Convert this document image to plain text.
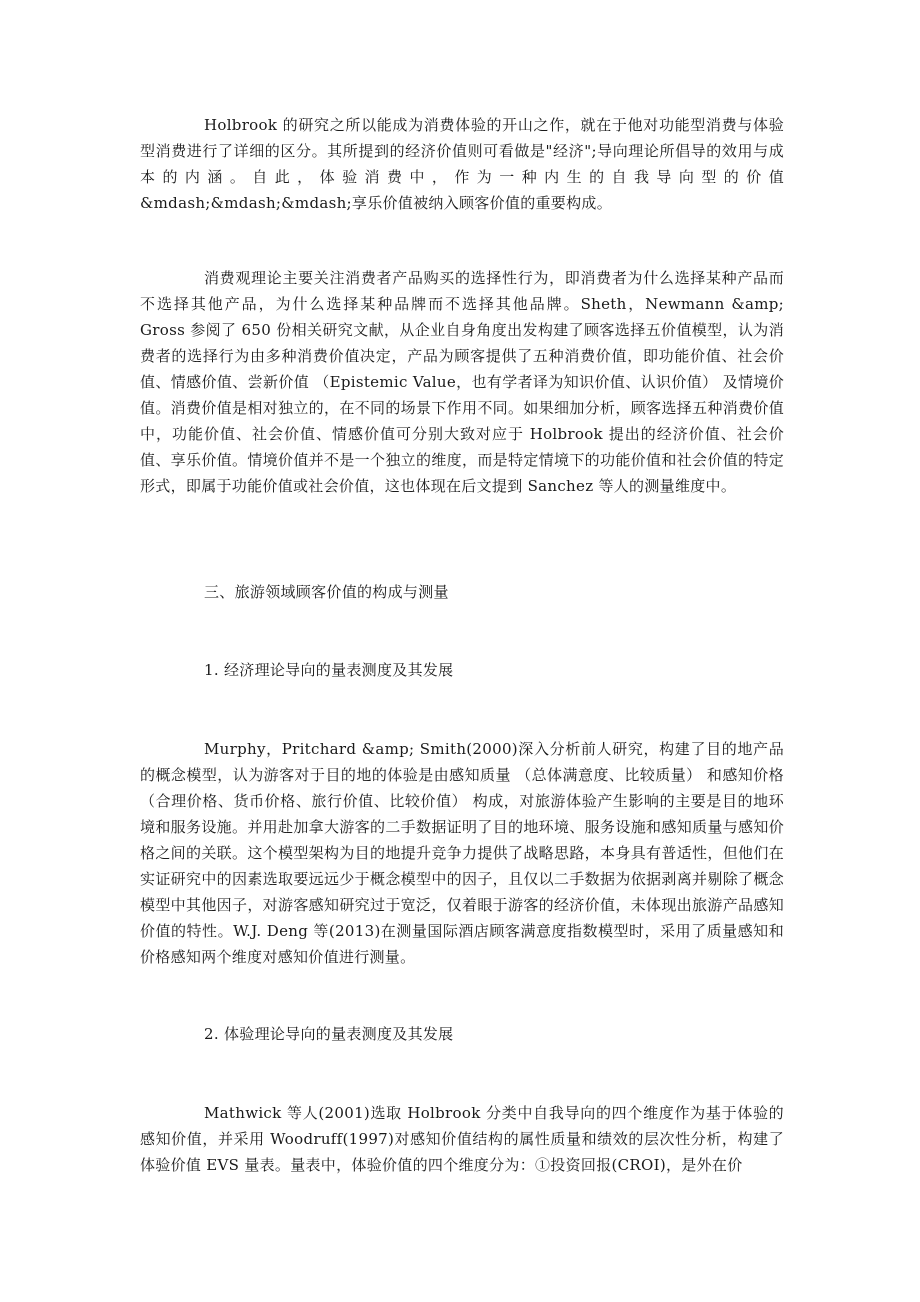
Holbrook 的研究之所以能成为消费体验的开山之作，就在于他对功能型消费与体验型消费进行了详细的区分。其所提到的经济价值则可看做是"经济";导向理论所倡导的效用与成本的内涵。自此，体验消费中，作为一种内生的自我导向型的价值&mdash;&mdash;&mdash;享乐价值被纳入顾客价值的重要构成。

消费观理论主要关注消费者产品购买的选择性行为，即消费者为什么选择某种产品而不选择其他产品，为什么选择某种品牌而不选择其他品牌。Sheth，Newmann &amp; Gross 参阅了 650 份相关研究文献，从企业自身角度出发构建了顾客选择五价值模型，认为消费者的选择行为由多种消费价值决定，产品为顾客提供了五种消费价值，即功能价值、社会价值、情感价值、尝新价值 （Epistemic Value，也有学者译为知识价值、认识价值） 及情境价值。消费价值是相对独立的，在不同的场景下作用不同。如果细加分析，顾客选择五种消费价值中，功能价值、社会价值、情感价值可分别大致对应于 Holbrook 提出的经济价值、社会价值、享乐价值。情境价值并不是一个独立的维度，而是特定情境下的功能价值和社会价值的特定形式，即属于功能价值或社会价值，这也体现在后文提到 Sanchez 等人的测量维度中。

三、旅游领域顾客价值的构成与测量

1. 经济理论导向的量表测度及其发展

Murphy，Pritchard &amp; Smith(2000)深入分析前人研究，构建了目的地产品的概念模型，认为游客对于目的地的体验是由感知质量 （总体满意度、比较质量） 和感知价格（合理价格、货币价格、旅行价值、比较价值） 构成，对旅游体验产生影响的主要是目的地环境和服务设施。并用赴加拿大游客的二手数据证明了目的地环境、服务设施和感知质量与感知价格之间的关联。这个模型架构为目的地提升竞争力提供了战略思路，本身具有普适性，但他们在实证研究中的因素选取要远远少于概念模型中的因子，且仅以二手数据为依据剥离并剔除了概念模型中其他因子，对游客感知研究过于宽泛，仅着眼于游客的经济价值，未体现出旅游产品感知价值的特性。W.J. Deng 等(2013)在测量国际酒店顾客满意度指数模型时，采用了质量感知和价格感知两个维度对感知价值进行测量。

2. 体验理论导向的量表测度及其发展

Mathwick 等人(2001)选取 Holbrook 分类中自我导向的四个维度作为基于体验的感知价值，并采用 Woodruff(1997)对感知价值结构的属性质量和绩效的层次性分析，构建了体验价值 EVS 量表。量表中，体验价值的四个维度分为：①投资回报(CROI)，是外在价
